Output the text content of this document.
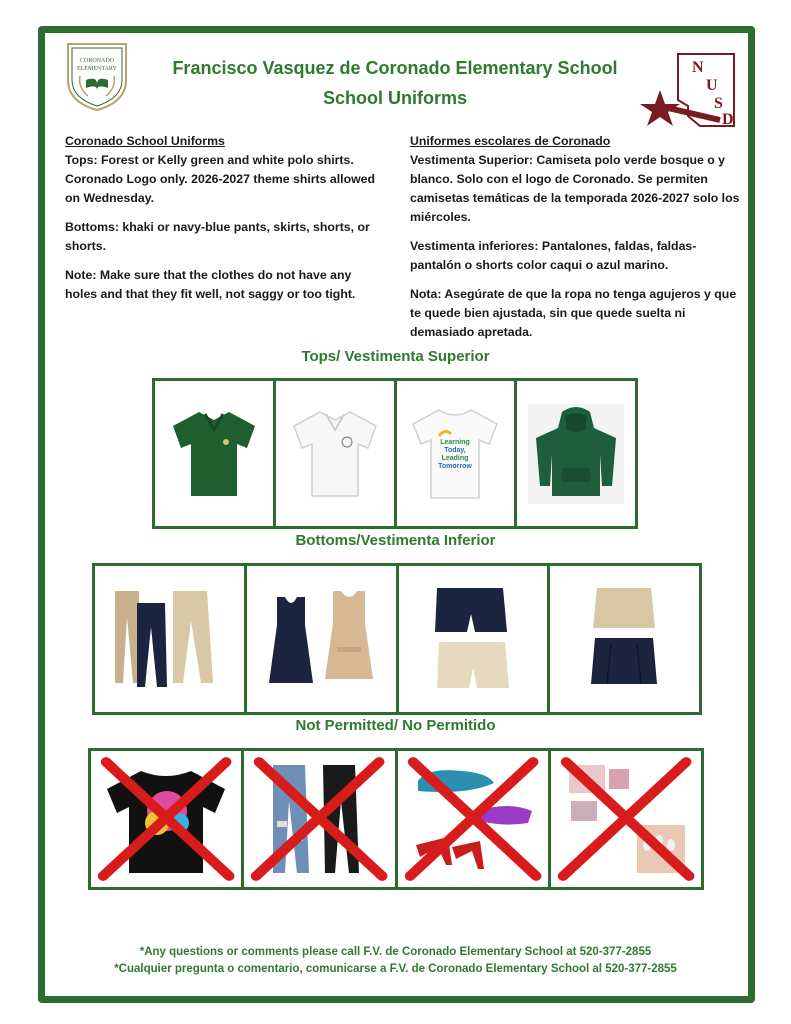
CORONADO
ELEMENTARY	N
U
S
D
Francisco Vasquez de Coronado Elementary School
School Uniforms
Coronado School Uniforms

Tops: Forest or Kelly green and white polo shirts. Coronado Logo only. 2026-2027 theme shirts allowed on Wednesday.

Bottoms: khaki or navy-blue pants, skirts, shorts, or shorts.

Note: Make sure that the clothes do not have any holes and that they fit well, not saggy or too tight.

Uniformes escolares de Coronado

Vestimenta Superior: Camiseta polo verde bosque o y blanco. Solo con el logo de Coronado. Se permiten camisetas temáticas de la temporada 2026-2027 solo los miércoles.

Vestimenta inferiores: Pantalones, faldas, faldas-pantalón o shorts color caqui o azul marino.

Nota: Asegúrate de que la ropa no tenga agujeros y que te quede bien ajustada, sin que quede suelta ni demasiado apretada.

Tops/ Vestimenta Superior
Learning
Today,
Leading
Tomorrow
Bottoms/Vestimenta Inferior
Not Permitted/ No Permitido
*Any questions or comments please call F.V. de Coronado Elementary School at 520-377-2855
*Cualquier pregunta o comentario, comunicarse a F.V. de Coronado Elementary School al 520-377-2855
